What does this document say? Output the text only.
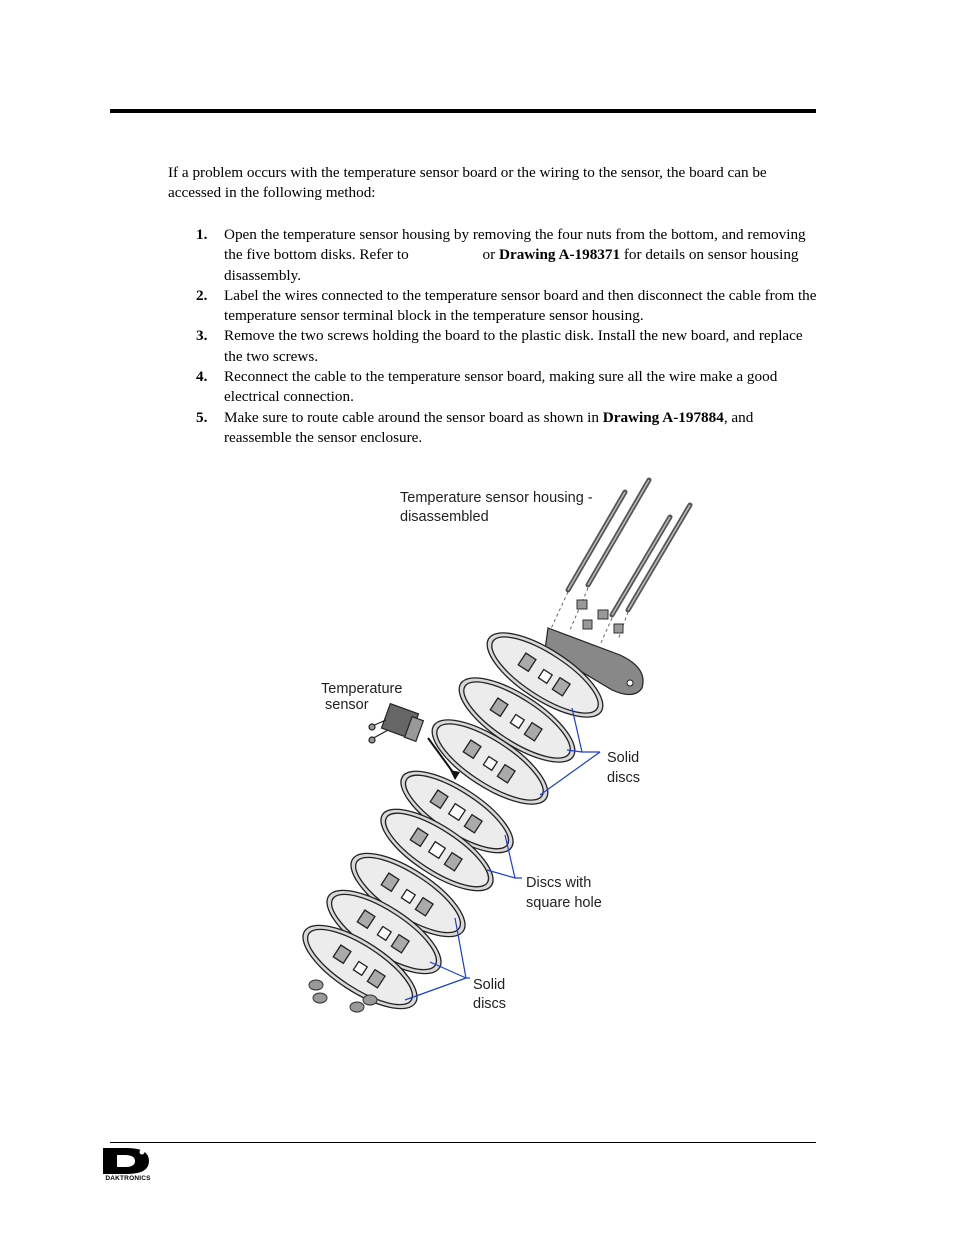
If a problem occurs with the temperature sensor board or the wiring to the sensor, the board can be accessed in the following method:

1. Open the temperature sensor housing by removing the four nuts from the bottom, and removing the five bottom disks. Refer to	or Drawing A-198371 for details on sensor housing disassembly.
2. Label the wires connected to the temperature sensor board and then disconnect the cable from the temperature sensor terminal block in the temperature sensor housing.
3. Remove the two screws holding the board to the plastic disk. Install the new board, and replace the two screws.
4. Reconnect the cable to the temperature sensor board, making sure all the wire make a good electrical connection.
5. Make sure to route cable around the sensor board as shown in Drawing A-197884, and reassemble the sensor enclosure.
Temperature sensor housing -
disassembled
Temperature
sensor
Solid
discs
Discs with
square hole
Solid
discs
DAKTRONICS
